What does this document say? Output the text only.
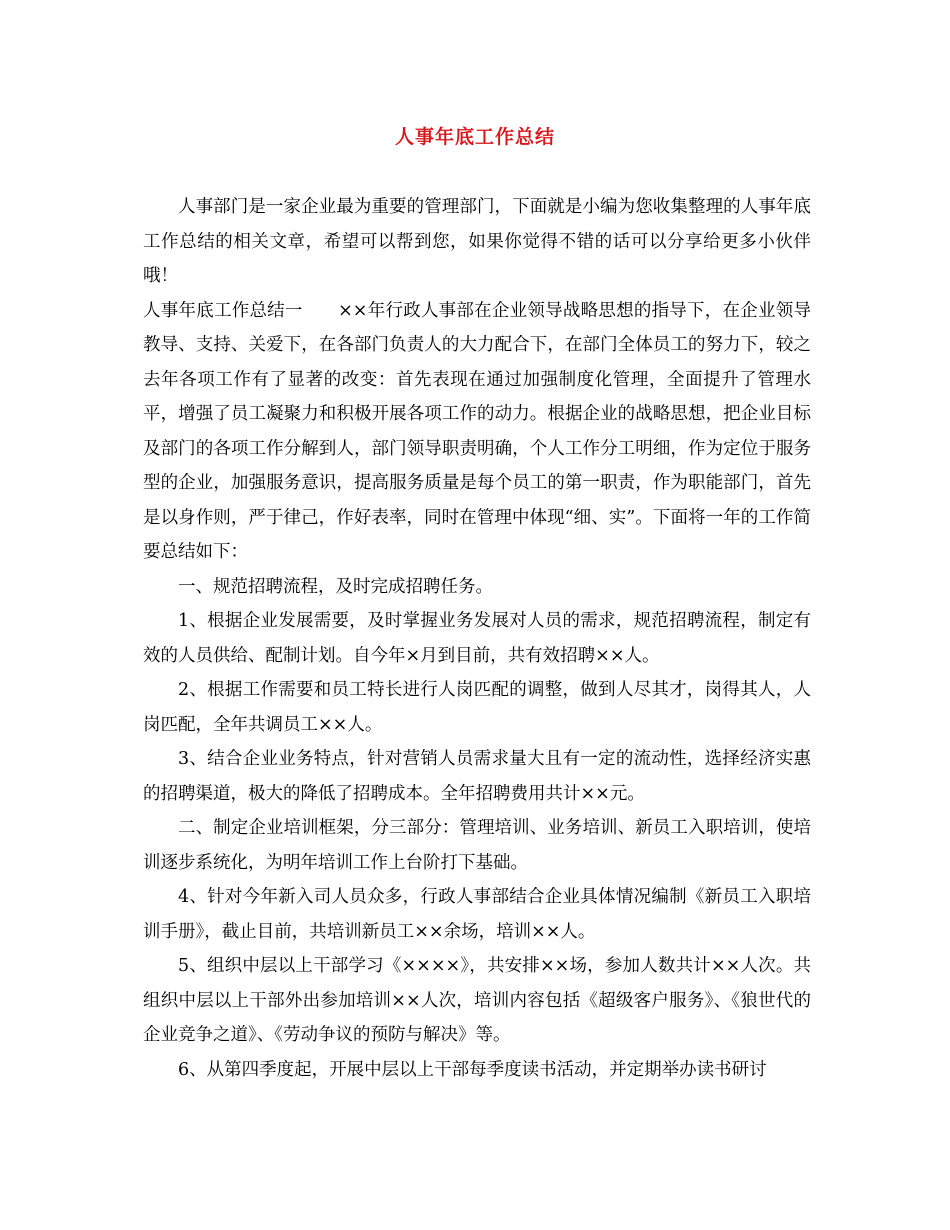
人事年底工作总结

人事部门是一家企业最为重要的管理部门，下面就是小编为您收集整理的人事年底工作总结的相关文章，希望可以帮到您，如果你觉得不错的话可以分享给更多小伙伴哦！

人事年底工作总结一　　××年行政人事部在企业领导战略思想的指导下，在企业领导教导、支持、关爱下，在各部门负责人的大力配合下，在部门全体员工的努力下，较之去年各项工作有了显著的改变：首先表现在通过加强制度化管理，全面提升了管理水平，增强了员工凝聚力和积极开展各项工作的动力。根据企业的战略思想，把企业目标及部门的各项工作分解到人，部门领导职责明确，个人工作分工明细，作为定位于服务型的企业，加强服务意识，提高服务质量是每个员工的第一职责，作为职能部门，首先是以身作则，严于律己，作好表率，同时在管理中体现“细、实”。下面将一年的工作简要总结如下：

一、规范招聘流程，及时完成招聘任务。

1、根据企业发展需要，及时掌握业务发展对人员的需求，规范招聘流程，制定有效的人员供给、配制计划。自今年×月到目前，共有效招聘××人。

2、根据工作需要和员工特长进行人岗匹配的调整，做到人尽其才，岗得其人，人岗匹配，全年共调员工××人。

3、结合企业业务特点，针对营销人员需求量大且有一定的流动性，选择经济实惠的招聘渠道，极大的降低了招聘成本。全年招聘费用共计××元。

二、制定企业培训框架，分三部分：管理培训、业务培训、新员工入职培训，使培训逐步系统化，为明年培训工作上台阶打下基础。

4、针对今年新入司人员众多，行政人事部结合企业具体情况编制《新员工入职培训手册》，截止目前，共培训新员工××余场，培训××人。

5、组织中层以上干部学习《××××》，共安排××场，参加人数共计××人次。共组织中层以上干部外出参加培训××人次，培训内容包括《超级客户服务》、《狼世代的企业竞争之道》、《劳动争议的预防与解决》等。

6、从第四季度起，开展中层以上干部每季度读书活动，并定期举办读书研讨
